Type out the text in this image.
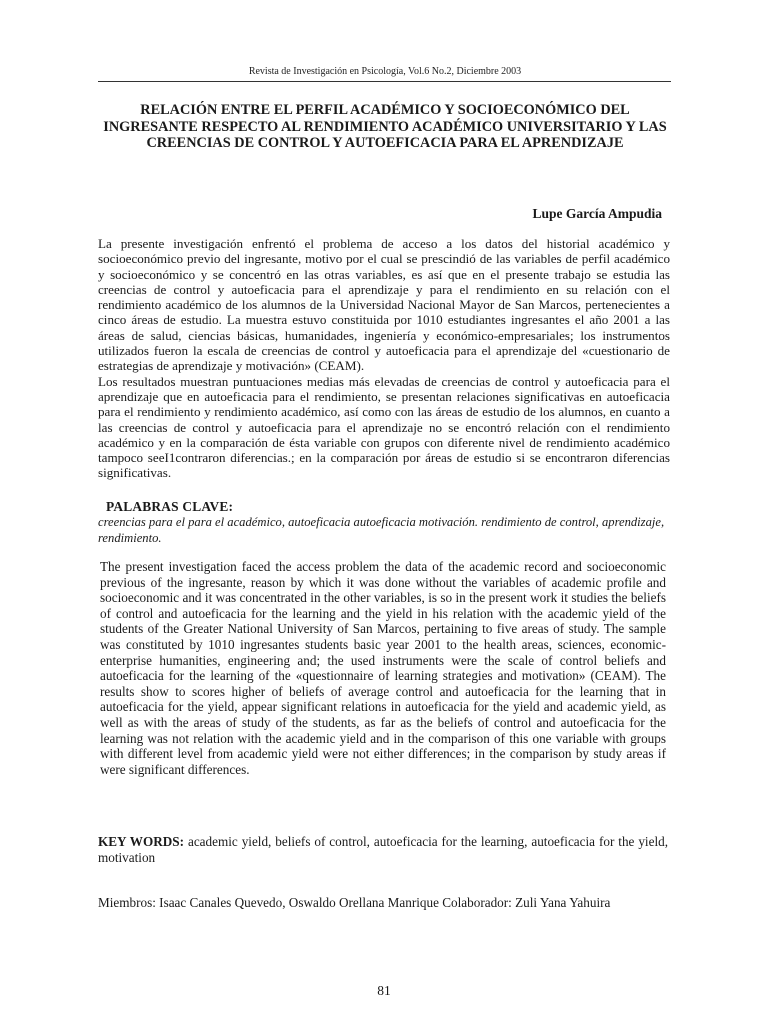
Revista de Investigación en Psicología, Vol.6 No.2, Diciembre 2003
RELACIÓN ENTRE EL PERFIL ACADÉMICO Y SOCIOECONÓMICO DEL INGRESANTE RESPECTO AL RENDIMIENTO ACADÉMICO UNIVERSITARIO Y LAS CREENCIAS DE CONTROL Y AUTOEFICACIA PARA EL APRENDIZAJE
Lupe García Ampudia
La presente investigación enfrentó el problema de acceso a los datos del historial académico y socioeconómico previo del ingresante, motivo por el cual se prescindió de las variables de perfil académico y socioeconómico y se concentró en las otras variables, es así que en el presente trabajo se estudia las creencias de control y autoeficacia para el aprendizaje y para el rendimiento en su relación con el rendimiento académico de los alumnos de la Universidad Nacional Mayor de San Marcos, pertenecientes a cinco áreas de estudio. La muestra estuvo constituida por 1010 estudiantes ingresantes el año 2001 a las áreas de salud, ciencias básicas, humanidades, ingeniería y económico-empresariales; los instrumentos utilizados fueron la escala de creencias de control y autoeficacia para el aprendizaje del «cuestionario de estrategias de aprendizaje y motivación» (CEAM).
Los resultados muestran puntuaciones medias más elevadas de creencias de control y autoeficacia para el aprendizaje que en autoeficacia para el rendimiento, se presentan relaciones significativas en autoeficacia para el rendimiento y rendimiento académico, así como con las áreas de estudio de los alumnos, en cuanto a las creencias de control y autoeficacia para el aprendizaje no se encontró relación con el rendimiento académico y en la comparación de ésta variable con grupos con diferente nivel de rendimiento académico tampoco seeI1contraron diferencias.; en la comparación por áreas de estudio si se encontraron diferencias significativas.
PALABRAS CLAVE:
creencias para el para el académico, autoeficacia autoeficacia motivación. rendimiento de control, aprendizaje, rendimiento.
The present investigation faced the access problem the data of the academic record and socioeconomic previous of the ingresante, reason by which it was done without the variables of academic profile and socioeconomic and it was concentrated in the other variables, is so in the present work it studies the beliefs of control and autoeficacia for the learning and the yield in his relation with the academic yield of the students of the Greater National University of San Marcos, pertaining to five areas of study. The sample was constituted by 1010 ingresantes students basic year 2001 to the health areas, sciences, economic-enterprise humanities, engineering and; the used instruments were the scale of control beliefs and autoeficacia for the learning of the «questionnaire of learning strategies and motivation» (CEAM). The results show to scores higher of beliefs of average control and autoeficacia for the learning that in autoeficacia for the yield, appear significant relations in autoeficacia for the yield and academic yield, as well as with the areas of study of the students, as far as the beliefs of control and autoeficacia for the learning was not relation with the academic yield and in the comparison of this one variable with groups with different level from academic yield were not either differences; in the comparison by study areas if were significant differences.
KEY WORDS: academic yield, beliefs of control, autoeficacia for the learning, autoeficacia for the yield, motivation
Miembros: Isaac Canales Quevedo, Oswaldo Orellana Manrique Colaborador: Zuli Yana Yahuira
81
